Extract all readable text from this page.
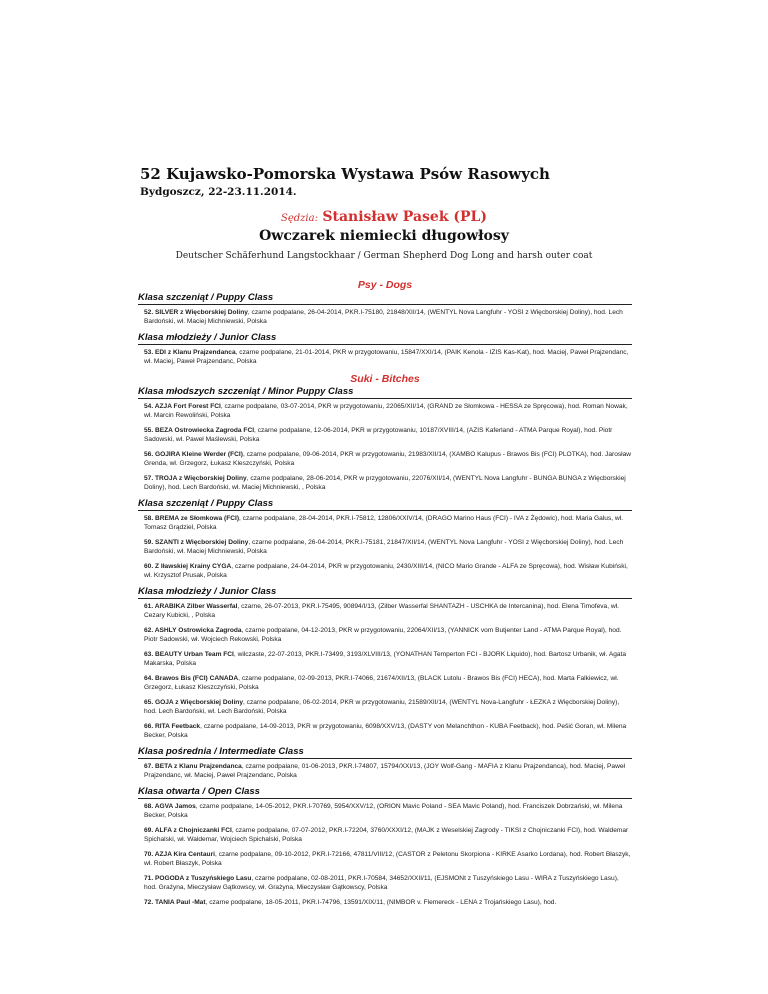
52 Kujawsko-Pomorska Wystawa Psów Rasowych

Bydgoszcz, 22-23.11.2014.

Sędzia: Stanisław Pasek (PL)
Owczarek niemiecki długowłosy
Deutscher Schäferhund Langstockhaar / German Shepherd Dog Long and harsh outer coat

Psy - Dogs

Klasa szczeniąt / Puppy Class

52. SILVER z Więcborskiej Doliny, czarne podpalane, 26-04-2014, PKR.I-75180, 21848/XII/14, (WENTYL Nova Langfuhr - YOSI z Więcborskiej Doliny), hod. Lech Bardoński, wł. Maciej Michniewski, Polska

Klasa młodzieży / Junior Class

53. EDI z Klanu Prajzendanca, czarne podpalane, 21-01-2014, PKR w przygotowaniu, 15847/XXI/14, (PAIK Kenola - IZIS Kas-Kat), hod. Maciej, Paweł Prajzendanc, wł. Maciej, Paweł Prajzendanc, Polska

Suki - Bitches

Klasa młodszych szczeniąt / Minor Puppy Class

54. AZJA Fort Forest FCI, czarne podpalane, 03-07-2014, PKR w przygotowaniu, 22065/XII/14, (GRAND ze Słomkowa - HESSA ze Spręcowa), hod. Roman Nowak, wł. Marcin Rewoliński, Polska

55. BEZA Ostrowiecka Zagroda FCI, czarne podpalane, 12-06-2014, PKR w przygotowaniu, 10187/XVIII/14, (AZIS Kaferland - ATMA Parque Royal), hod. Piotr Sadowski, wł. Paweł Maślewski, Polska

56. GOJIRA Kleine Werder (FCI), czarne podpalane, 09-06-2014, PKR w przygotowaniu, 21983/XII/14, (XAMBO Kalupus - Brawos Bis (FCI) PLOTKA), hod. Jarosław Grenda, wł. Grzegorz, Łukasz Kleszczyński, Polska

57. TROJA z Więcborskiej Doliny, czarne podpalane, 28-06-2014, PKR w przygotowaniu, 22076/XII/14, (WENTYL Nova Langfuhr - BUNGA BUNGA z Więcborskiej Doliny), hod. Lech Bardoński, wł. Maciej Michniewski, , Polska

Klasa szczeniąt / Puppy Class

58. BREMA ze Słomkowa (FCI), czarne podpalane, 28-04-2014, PKR.I-75812, 12806/XXIV/14, (DRAGO Marino Haus (FCI) - IVA z Żędowic), hod. Maria Galus, wł. Tomasz Grądziel, Polska

59. SZANTI z Więcborskiej Doliny, czarne podpalane, 26-04-2014, PKR.I-75181, 21847/XII/14, (WENTYL Nova Langfuhr - YOSI z Więcborskiej Doliny), hod. Lech Bardoński, wł. Maciej Michniewski, Polska

60. Z Iławskiej Krainy CYGA, czarne podpalane, 24-04-2014, PKR w przygotowaniu, 2430/XIII/14, (NICO Mario Grande - ALFA ze Spręcowa), hod. Wisław Kubiński, wł. Krzysztof Prusak, Polska

Klasa młodzieży / Junior Class

61. ARABIKA Zilber Wasserfal, czarne, 26-07-2013, PKR.I-75495, 90894/I/13, (Zilber Wasserfal SHANTAZH - USCHKA de Intercanina), hod. Elena Timofeva, wł. Cezary Kubicki, , Polska

62. ASHLY Ostrowicka Zagroda, czarne podpalane, 04-12-2013, PKR w przygotowaniu, 22064/XII/13, (YANNICK vom Butjenter Land - ATMA Parque Royal), hod. Piotr Sadowski, wł. Wojciech Rekowski, Polska

63. BEAUTY Urban Team FCI, wilczaste, 22-07-2013, PKR.I-73499, 3193/XLVIII/13, (YONATHAN Temperton FCI - BJORK Liquido), hod. Bartosz Urbanik, wł. Agata Makarska, Polska

64. Brawos Bis (FCI) CANADA, czarne podpalane, 02-09-2013, PKR.I-74066, 21674/XII/13, (BLACK Lutolu - Brawos Bis (FCI) HECA), hod. Marta Falkiewicz, wł. Grzegorz, Łukasz Kleszczyński, Polska

65. GOJA z Więcborskiej Doliny, czarne podpalane, 06-02-2014, PKR w przygotowaniu, 21589/XII/14, (WENTYL Nova-Langfuhr - ŁEZKA z Więcborskiej Doliny), hod. Lech Bardoński, wł. Lech Bardoński, Polska

66. RITA Feetback, czarne podpalane, 14-09-2013, PKR w przygotowaniu, 6098/XXV/13, (DASTY von Melanchthon - KUBA Feetback), hod. Pešić Goran, wł. Milena Becker, Polska

Klasa pośrednia / Intermediate Class

67. BETA z Klanu Prajzendanca, czarne podpalane, 01-06-2013, PKR.I-74807, 15794/XXI/13, (JOY Wolf-Gang - MAFIA z Klanu Prajzendanca), hod. Maciej, Paweł Prajzendanc, wł. Maciej, Paweł Prajzendanc, Polska

Klasa otwarta / Open Class

68. AGVA Jamos, czarne podpalane, 14-05-2012, PKR.I-70769, 5954/XXV/12, (ORION Mavic Poland - SEA Mavic Poland), hod. Franciszek Dobrzański, wł. Milena Becker, Polska

69. ALFA z Chojniczanki FCI, czarne podpalane, 07-07-2012, PKR.I-72204, 3760/XXXI/12, (MAJK z Weselskiej Zagrody - TIKSI z Chojniczanki FCI), hod. Waldemar Spichalski, wł. Waldemar, Wojciech Spichalski, Polska

70. AZJA Kira Centauri, czarne podpalane, 09-10-2012, PKR.I-72166, 47811/VIII/12, (CASTOR z Peletonu Skorpiona - KIRKE Asarko Lordana), hod. Robert Błaszyk, wł. Robert Błaszyk, Polska

71. POGODA z Tuszyńskiego Lasu, czarne podpalane, 02-08-2011, PKR.I-70584, 34652/XXII/11, (EJSMONt z Tuszyńskiego Lasu - WIRA z Tuszyńskiego Lasu), hod. Grażyna, Mieczysław Gątkowscy, wł. Grażyna, Mieczysław Gątkowscy, Polska

72. TANIA Paul -Mat, czarne podpalane, 18-05-2011, PKR.I-74796, 13591/XIX/11, (NIMBOR v. Flemereck - LENA z Trojańskiego Lasu), hod.
